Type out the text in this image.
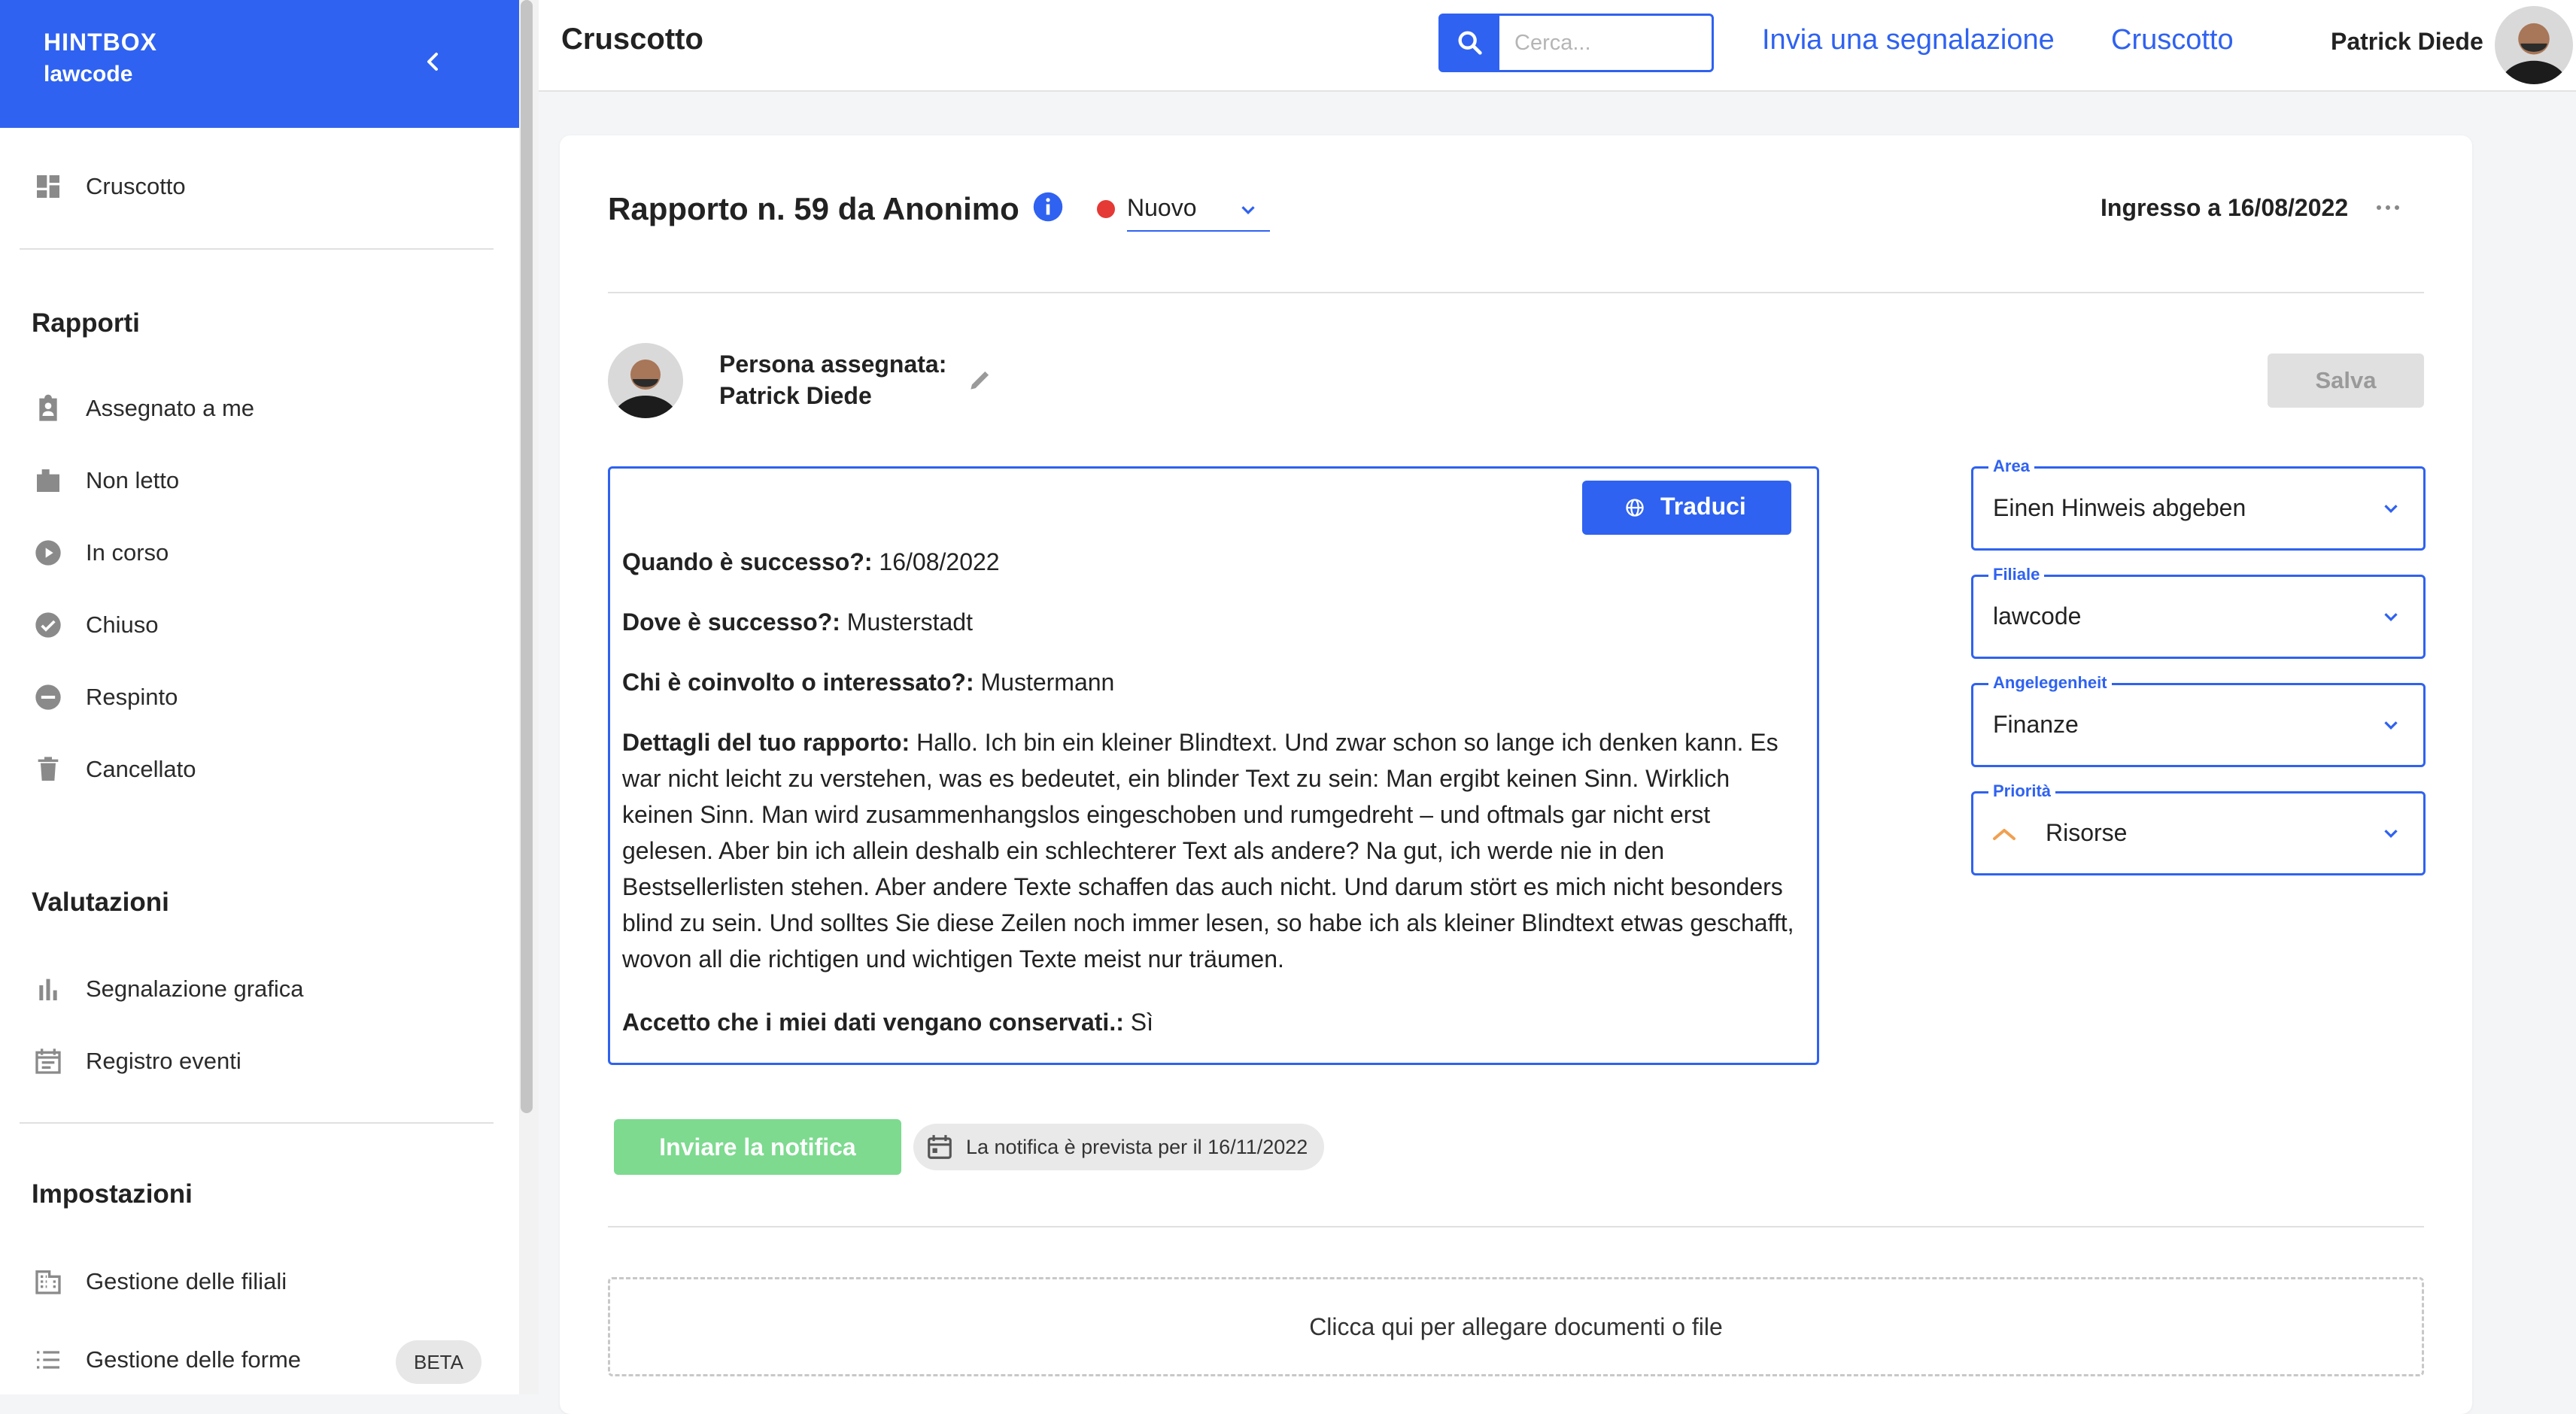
HINTBOX
lawcode
Cruscotto
Rapporti
Assegnato a me
Non letto
In corso
Chiuso
Respinto
Cancellato
Valutazioni
Segnalazione grafica
Registro eventi
Impostazioni
Gestione delle filiali
Gestione delle forme	BETA
Cruscotto
Cerca...	Invia una segnalazione Cruscotto	Patrick Diede
Rapporto n. 59 da Anonimo	Nuovo	Ingresso a 16/08/2022
Persona assegnata:
Patrick Diede
Salva
Traduci
Quando è successo?: 16/08/2022
Dove è successo?: Musterstadt
Chi è coinvolto o interessato?: Mustermann
Dettagli del tuo rapporto: Hallo. Ich bin ein kleiner Blindtext. Und zwar schon so lange ich denken kann. Es war nicht leicht zu verstehen, was es bedeutet, ein blinder Text zu sein: Man ergibt keinen Sinn. Wirklich keinen Sinn. Man wird zusammenhangslos eingeschoben und rumgedreht – und oftmals gar nicht erst gelesen. Aber bin ich allein deshalb ein schlechterer Text als andere? Na gut, ich werde nie in den Bestsellerlisten stehen. Aber andere Texte schaffen das auch nicht. Und darum stört es mich nicht besonders blind zu sein. Und solltes Sie diese Zeilen noch immer lesen, so habe ich als kleiner Blindtext etwas geschafft, wovon all die richtigen und wichtigen Texte meist nur träumen.
Accetto che i miei dati vengano conservati.: Sì
Area
Einen Hinweis abgeben
Filiale
lawcode
Angelegenheit
Finanze
Priorità
Risorse
Inviare la notifica	La notifica è prevista per il 16/11/2022
Clicca qui per allegare documenti o file
